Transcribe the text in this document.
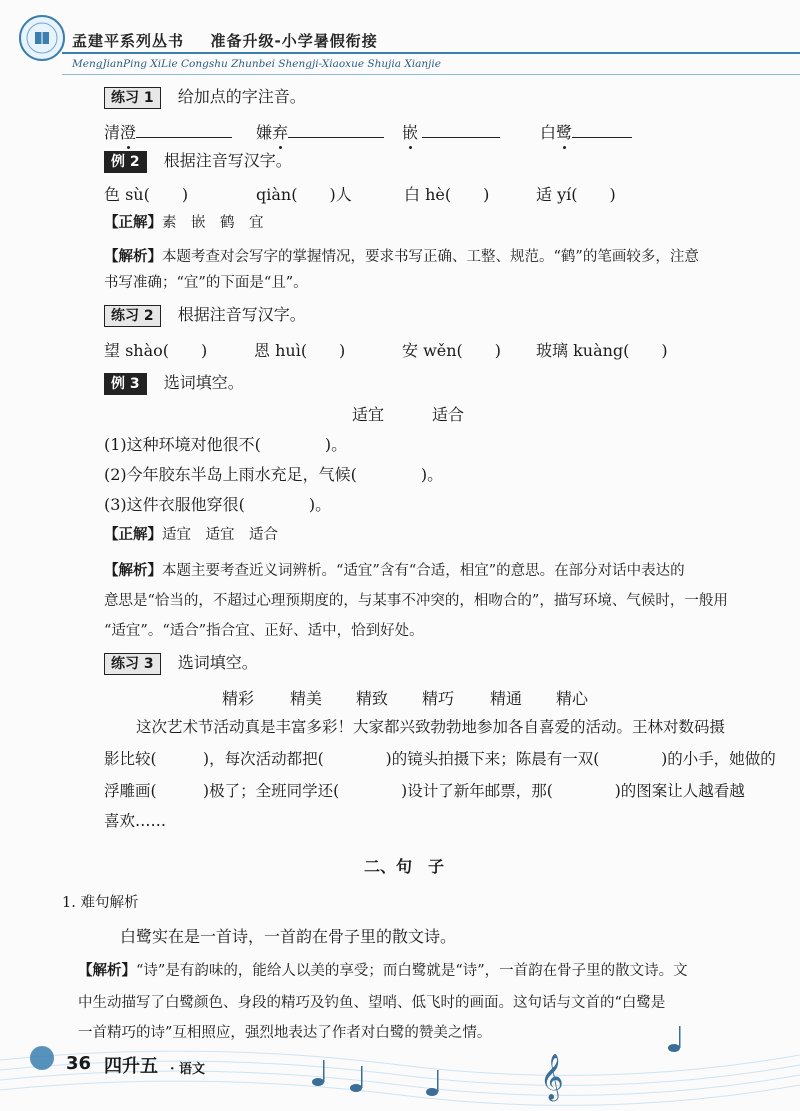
孟建平系列丛书 准备升级-小学暑假衔接
MengJianPing XiLie Congshu Zhunbei Shengji-Xiaoxue Shujia Xianjie
练习 1 给加点的字注音。
清澄	嫌弃	嵌	白鹭
例 2 根据注音写汉字。
色 sù(　　)	qiàn(　　)人	白 hè(　　)	适 yí(　　)
【正解】素　嵌　鹤　宜
【解析】本题考查对会写字的掌握情况，要求书写正确、工整、规范。“鹤”的笔画较多，注意
书写准确；“宜”的下面是“且”。
练习 2 根据注音写汉字。
望 shào(　　)	恩 huì(　　)	安 wěn(　　) 玻璃 kuàng(　　)
例 3 选词填空。
适宜　　　适合
(1)这种环境对他很不(　　　　)。
(2)今年胶东半岛上雨水充足，气候(　　　　)。
(3)这件衣服他穿很(　　　　)。
【正解】适宜　适宜　适合
【解析】本题主要考查近义词辨析。“适宜”含有“合适，相宜”的意思。在部分对话中表达的
意思是“恰当的，不超过心理预期度的，与某事不冲突的，相吻合的”，描写环境、气候时，一般用
“适宜”。“适合”指合宜、正好、适中，恰到好处。
练习 3 选词填空。
精彩 精美 精致 精巧 精通 精心
这次艺术节活动真是丰富多彩！大家都兴致勃勃地参加各自喜爱的活动。王林对数码摄
影比较(　　　)，每次活动都把(　　　　)的镜头拍摄下来；陈晨有一双(　　　　)的小手，她做的
浮雕画(　　　)极了；全班同学还(　　　　)设计了新年邮票，那(　　　　)的图案让人越看越
喜欢……
二、句　子
1. 难句解析
白鹭实在是一首诗，一首韵在骨子里的散文诗。
【解析】“诗”是有韵味的，能给人以美的享受；而白鹭就是“诗”，一首韵在骨子里的散文诗。文
中生动描写了白鹭颜色、身段的精巧及钓鱼、望哨、低飞时的画面。这句话与文首的“白鹭是
一首精巧的诗”互相照应，强烈地表达了作者对白鹭的赞美之情。
𝄞
36 四升五 · 语文
